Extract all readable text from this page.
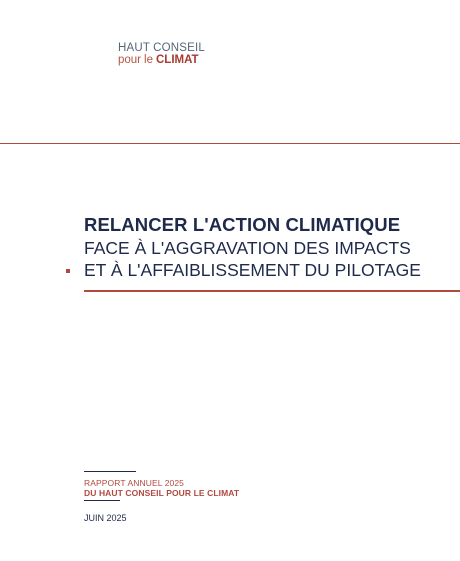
HAUT CONSEIL
pour le CLIMAT
RELANCER L'ACTION CLIMATIQUE
FACE À L'AGGRAVATION DES IMPACTS
ET À L'AFFAIBLISSEMENT DU PILOTAGE
RAPPORT ANNUEL 2025
DU HAUT CONSEIL POUR LE CLIMAT
JUIN 2025
